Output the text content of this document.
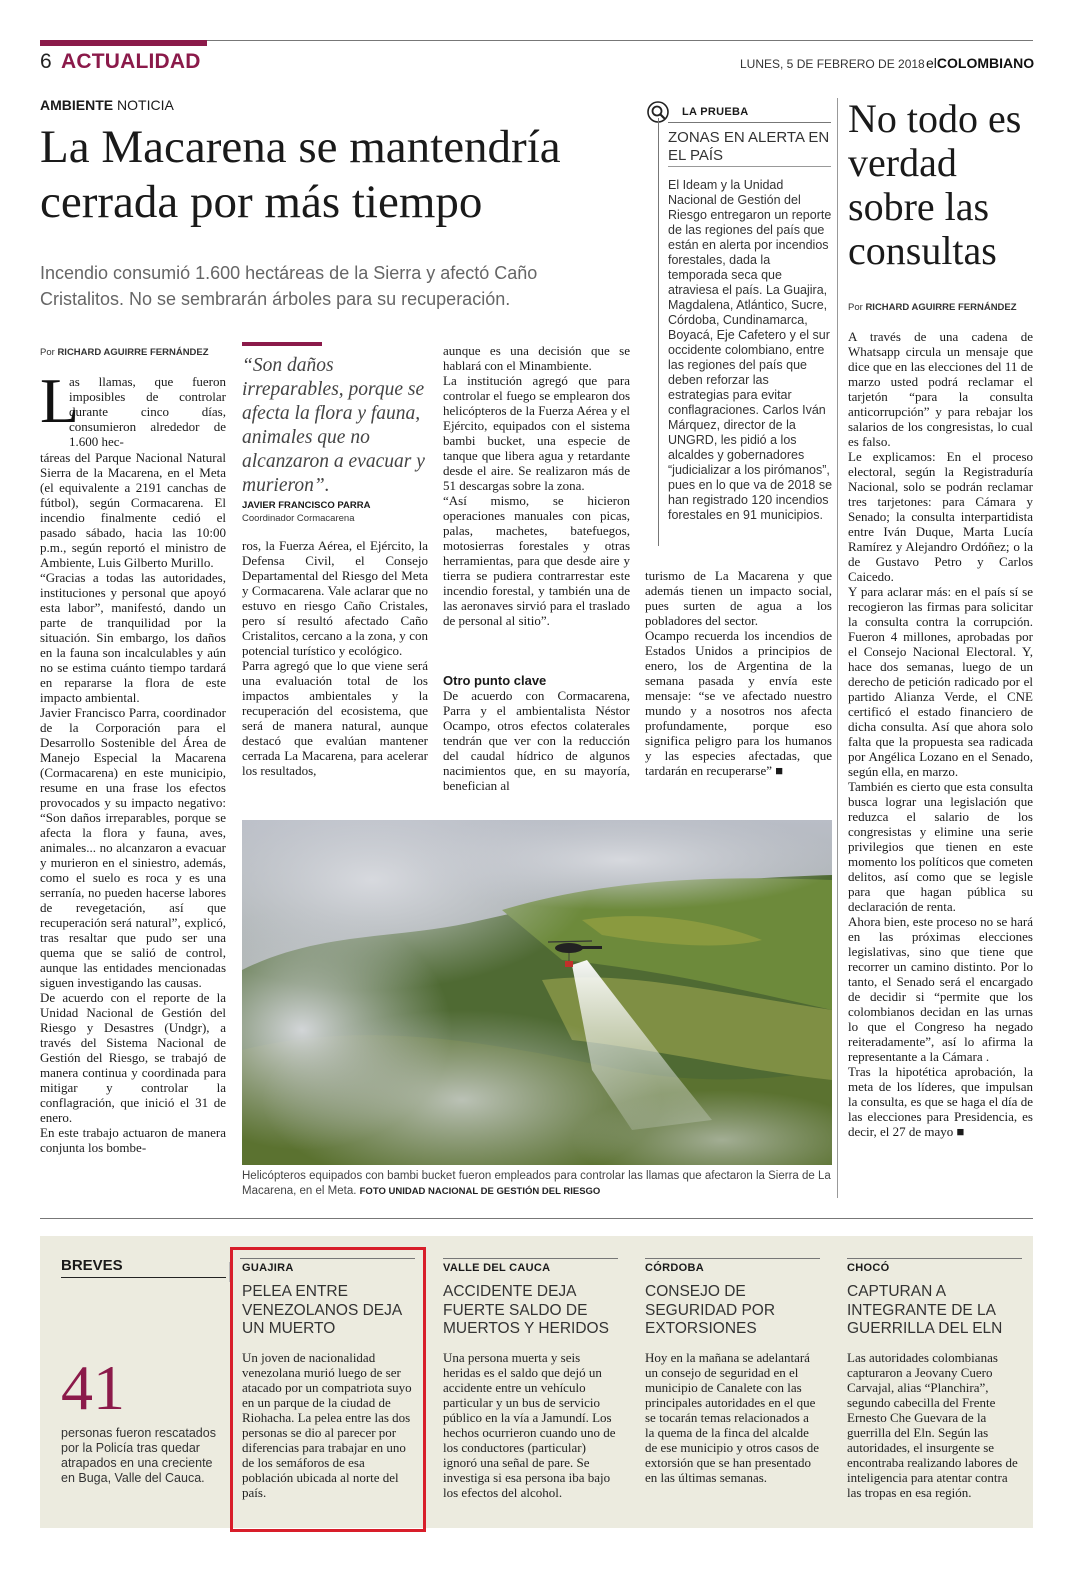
6 ACTUALIDAD	LUNES, 5 DE FEBRERO DE 2018 elCOLOMBIANO
AMBIENTE NOTICIA
La Macarena se mantendría cerrada por más tiempo

Incendio consumió 1.600 hectáreas de la Sierra y afectó Caño Cristalitos. No se sembrarán árboles para su recuperación.

Por RICHARD AGUIRRE FERNÁNDEZ
L

as llamas, que fueron imposibles de controlar durante cinco días, consumieron alrededor de 1.600 hec-

táreas del Parque Nacional Natural Sierra de la Macarena, en el Meta (el equivalente a 2191 canchas de fútbol), según Cormacarena. El incendio finalmente cedió el pasado sábado, hacia las 10:00 p.m., según reportó el ministro de Ambiente, Luis Gilberto Murillo.
“Gracias a todas las autoridades, instituciones y personal que apoyó esta labor”, manifestó, dando un parte de tranquilidad por la situación. Sin embargo, los daños en la fauna son incalculables y aún no se estima cuánto tiempo tardará en repararse la flora de este impacto ambiental.
Javier Francisco Parra, coordinador de la Corporación para el Desarrollo Sostenible del Área de Manejo Especial la Macarena (Cormacarena) en este municipio, resume en una frase los efectos provocados y su impacto negativo: “Son daños irreparables, porque se afecta la flora y fauna, aves, animales... no alcanzaron a evacuar y murieron en el siniestro, además, como el suelo es roca y es una serranía, no pueden hacerse labores de revegetación, así que recuperación será natural”, explicó, tras resaltar que pudo ser una quema que se salió de control, aunque las entidades mencionadas siguen investigando las causas.
De acuerdo con el reporte de la Unidad Nacional de Gestión del Riesgo y Desastres (Undgr), a través del Sistema Nacional de Gestión del Riesgo, se trabajó de manera continua y coordinada para mitigar y controlar la conflagración, que inició el 31 de enero.
En este trabajo actuaron de manera conjunta los bombe-

“Son daños irreparables, porque se afecta la flora y fauna, animales que no alcanzaron a evacuar y murieron”.

JAVIER FRANCISCO PARRA
Coordinador Cormacarena

ros, la Fuerza Aérea, el Ejército, la Defensa Civil, el Consejo Departamental del Riesgo del Meta y Cormacarena. Vale aclarar que no estuvo en riesgo Caño Cristales, pero sí resultó afectado Caño Cristalitos, cercano a la zona, y con potencial turístico y ecológico.
Parra agregó que lo que viene será una evaluación total de los impactos ambientales y la recuperación del ecosistema, que será de manera natural, aunque destacó que evalúan mantener cerrada La Macarena, para acelerar los resultados,

aunque es una decisión que se hablará con el Minambiente.
La institución agregó que para controlar el fuego se emplearon dos helicópteros de la Fuerza Aérea y el Ejército, equipados con el sistema bambi bucket, una especie de tanque que libera agua y retardante desde el aire. Se realizaron más de 51 descargas sobre la zona.
“Así mismo, se hicieron operaciones manuales con picas, palas, machetes, batefuegos, motosierras forestales y otras herramientas, para que desde aire y tierra se pudiera contrarrestar este incendio forestal, y también una de las aeronaves sirvió para el traslado de personal al sitio”.

Otro punto clave

De acuerdo con Cormacarena, Parra y el ambientalista Néstor Ocampo, otros efectos colaterales tendrán que ver con la reducción del caudal hídrico de algunos nacimientos que, en su mayoría, benefician al

turismo de La Macarena y que además tienen un impacto social, pues surten de agua a los pobladores del sector.
Ocampo recuerda los incendios de Estados Unidos a principios de enero, los de Argentina de la semana pasada y envía este mensaje: “se ve afectado nuestro mundo y a nosotros nos afecta profundamente, porque eso significa peligro para los humanos y las especies afectadas, que tardarán en recuperarse” ■

LA PRUEBA
ZONAS EN ALERTA EN EL PAÍS

El Ideam y la Unidad Nacional de Gestión del Riesgo entregaron un reporte de las regiones del país que están en alerta por incendios forestales, dada la temporada seca que atraviesa el país. La Guajira, Magdalena, Atlántico, Sucre, Córdoba, Cundinamarca, Boyacá, Eje Cafetero y el sur occidente colombiano, entre las regiones del país que deben reforzar las estrategias para evitar conflagraciones. Carlos Iván Márquez, director de la UNGRD, les pidió a los alcaldes y gobernadores “judicializar a los pirómanos”, pues en lo que va de 2018 se han registrado 120 incendios forestales en 91 municipios.

No todo es verdad sobre las consultas
Por RICHARD AGUIRRE FERNÁNDEZ

A través de una cadena de Whatsapp circula un mensaje que dice que en las elecciones del 11 de marzo usted podrá reclamar el tarjetón “para la consulta anticorrupción” y para rebajar los salarios de los congresistas, lo cual es falso.
Le explicamos: En el proceso electoral, según la Registraduría Nacional, solo se podrán reclamar tres tarjetones: para Cámara y Senado; la consulta interpartidista entre Iván Duque, Marta Lucía Ramírez y Alejandro Ordóñez; o la de Gustavo Petro y Carlos Caicedo.
Y para aclarar más: en el país sí se recogieron las firmas para solicitar la consulta contra la corrupción. Fueron 4 millones, aprobadas por el Consejo Nacional Electoral. Y, hace dos semanas, luego de un derecho de petición radicado por el partido Alianza Verde, el CNE certificó el estado financiero de dicha consulta. Así que ahora solo falta que la propuesta sea radicada por Angélica Lozano en el Senado, según ella, en marzo.
También es cierto que esta consulta busca lograr una legislación que reduzca el salario de los congresistas y elimine una serie privilegios que tienen en este momento los políticos que cometen delitos, así como que se legisle para que hagan pública su declaración de renta.
Ahora bien, este proceso no se hará en las próximas elecciones legislativas, sino que tiene que recorrer un camino distinto. Por lo tanto, el Senado será el encargado de decidir si “permite que los colombianos decidan en las urnas lo que el Congreso ha negado reiteradamente”, así lo afirma la representante a la Cámara .
Tras la hipotética aprobación, la meta de los líderes, que impulsan la consulta, es que se haga el día de las elecciones para Presidencia, es decir, el 27 de mayo ■

Helicópteros equipados con bambi bucket fueron empleados para controlar las llamas que afectaron la Sierra de La Macarena, en el Meta. FOTO UNIDAD NACIONAL DE GESTIÓN DEL RIESGO
BREVES
41

personas fueron rescatados por la Policía tras quedar atrapados en una creciente en Buga, Valle del Cauca.

GUAJIRA
PELEA ENTRE VENEZOLANOS DEJA UN MUERTO

Un joven de nacionalidad venezolana murió luego de ser atacado por un compatriota suyo en un parque de la ciudad de Riohacha. La pelea entre las dos personas se dio al parecer por diferencias para trabajar en uno de los semáforos de esa población ubicada al norte del país.

VALLE DEL CAUCA
ACCIDENTE DEJA FUERTE SALDO DE MUERTOS Y HERIDOS

Una persona muerta y seis heridas es el saldo que dejó un accidente entre un vehículo particular y un bus de servicio público en la vía a Jamundí. Los hechos ocurrieron cuando uno de los conductores (particular) ignoró una señal de pare. Se investiga si esa persona iba bajo los efectos del alcohol.

CÓRDOBA
CONSEJO DE SEGURIDAD POR EXTORSIONES

Hoy en la mañana se adelantará un consejo de seguridad en el municipio de Canalete con las principales autoridades en el que se tocarán temas relacionados a la quema de la finca del alcalde de ese municipio y otros casos de extorsión que se han presentado en las últimas semanas.

CHOCÓ
CAPTURAN A INTEGRANTE DE LA GUERRILLA DEL ELN

Las autoridades colombianas capturaron a Jeovany Cuero Carvajal, alias “Planchira”, segundo cabecilla del Frente Ernesto Che Guevara de la guerrilla del Eln. Según las autoridades, el insurgente se encontraba realizando labores de inteligencia para atentar contra las tropas en esa región.
